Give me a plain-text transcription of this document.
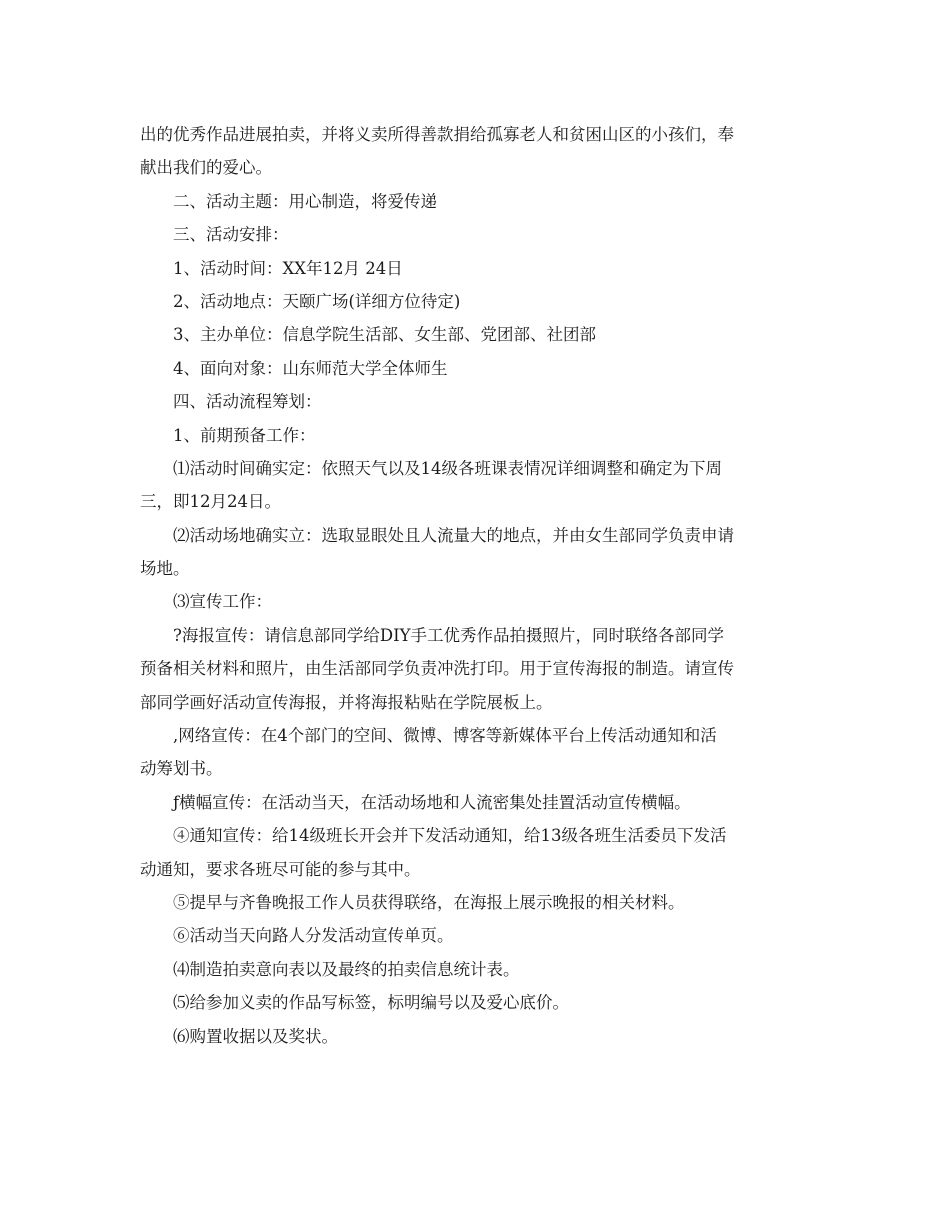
出的优秀作品进展拍卖，并将义卖所得善款捐给孤寡老人和贫困山区的小孩们，奉
献出我们的爱心。
二、活动主题：用心制造，将爱传递
三、活动安排：
1、活动时间：XX年12月 24日
2、活动地点：天颐广场(详细方位待定)
3、主办单位：信息学院生活部、女生部、党团部、社团部
4、面向对象：山东师范大学全体师生
四、活动流程筹划：
1、前期预备工作：
⑴活动时间确实定：依照天气以及14级各班课表情况详细调整和确定为下周
三，即12月24日。
⑵活动场地确实立：选取显眼处且人流量大的地点，并由女生部同学负责申请
场地。
⑶宣传工作：
?海报宣传：请信息部同学给DIY手工优秀作品拍摄照片，同时联络各部同学
预备相关材料和照片，由生活部同学负责冲洗打印。用于宣传海报的制造。请宣传
部同学画好活动宣传海报，并将海报粘贴在学院展板上。
,网络宣传：在4个部门的空间、微博、博客等新媒体平台上传活动通知和活
动筹划书。
ƒ横幅宣传：在活动当天，在活动场地和人流密集处挂置活动宣传横幅。
④通知宣传：给14级班长开会并下发活动通知，给13级各班生活委员下发活
动通知，要求各班尽可能的参与其中。
⑤提早与齐鲁晚报工作人员获得联络，在海报上展示晚报的相关材料。
⑥活动当天向路人分发活动宣传单页。
⑷制造拍卖意向表以及最终的拍卖信息统计表。
⑸给参加义卖的作品写标签，标明编号以及爱心底价。
⑹购置收据以及奖状。
